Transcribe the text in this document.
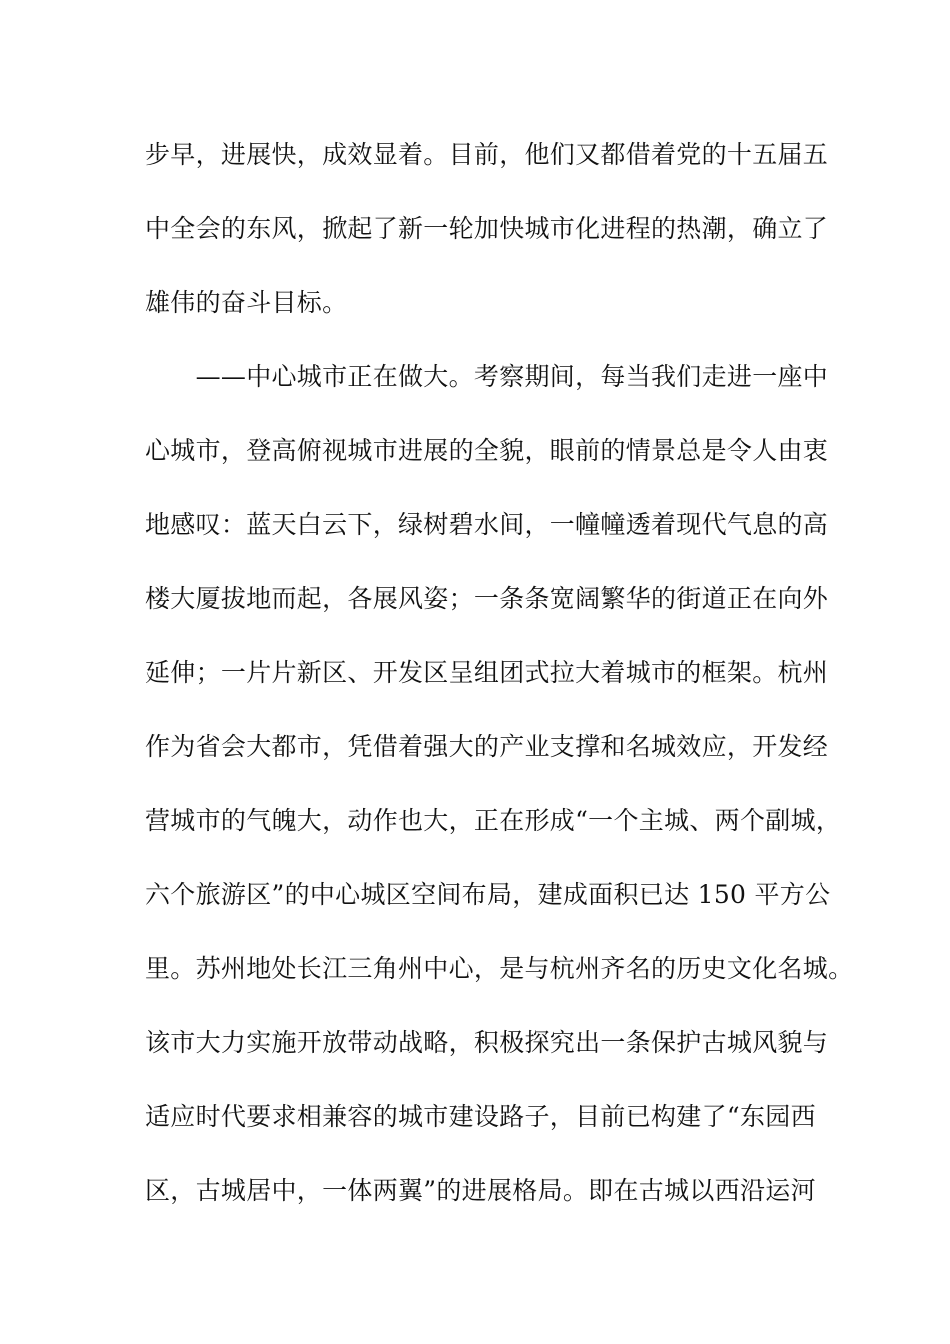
步早，进展快，成效显着。目前，他们又都借着党的十五届五
中全会的东风，掀起了新一轮加快城市化进程的热潮，确立了
雄伟的奋斗目标。
　　——中心城市正在做大。考察期间，每当我们走进一座中
心城市，登高俯视城市进展的全貌，眼前的情景总是令人由衷
地感叹：蓝天白云下，绿树碧水间，一幢幢透着现代气息的高
楼大厦拔地而起，各展风姿；一条条宽阔繁华的街道正在向外
延伸；一片片新区、开发区呈组团式拉大着城市的框架。杭州
作为省会大都市，凭借着强大的产业支撑和名城效应，开发经
营城市的气魄大，动作也大，正在形成“一个主城、两个副城，
六个旅游区”的中心城区空间布局，建成面积已达 150 平方公
里。苏州地处长江三角州中心，是与杭州齐名的历史文化名城。
该市大力实施开放带动战略，积极探究出一条保护古城风貌与
适应时代要求相兼容的城市建设路子，目前已构建了“东园西
区，古城居中，一体两翼”的进展格局。即在古城以西沿运河
